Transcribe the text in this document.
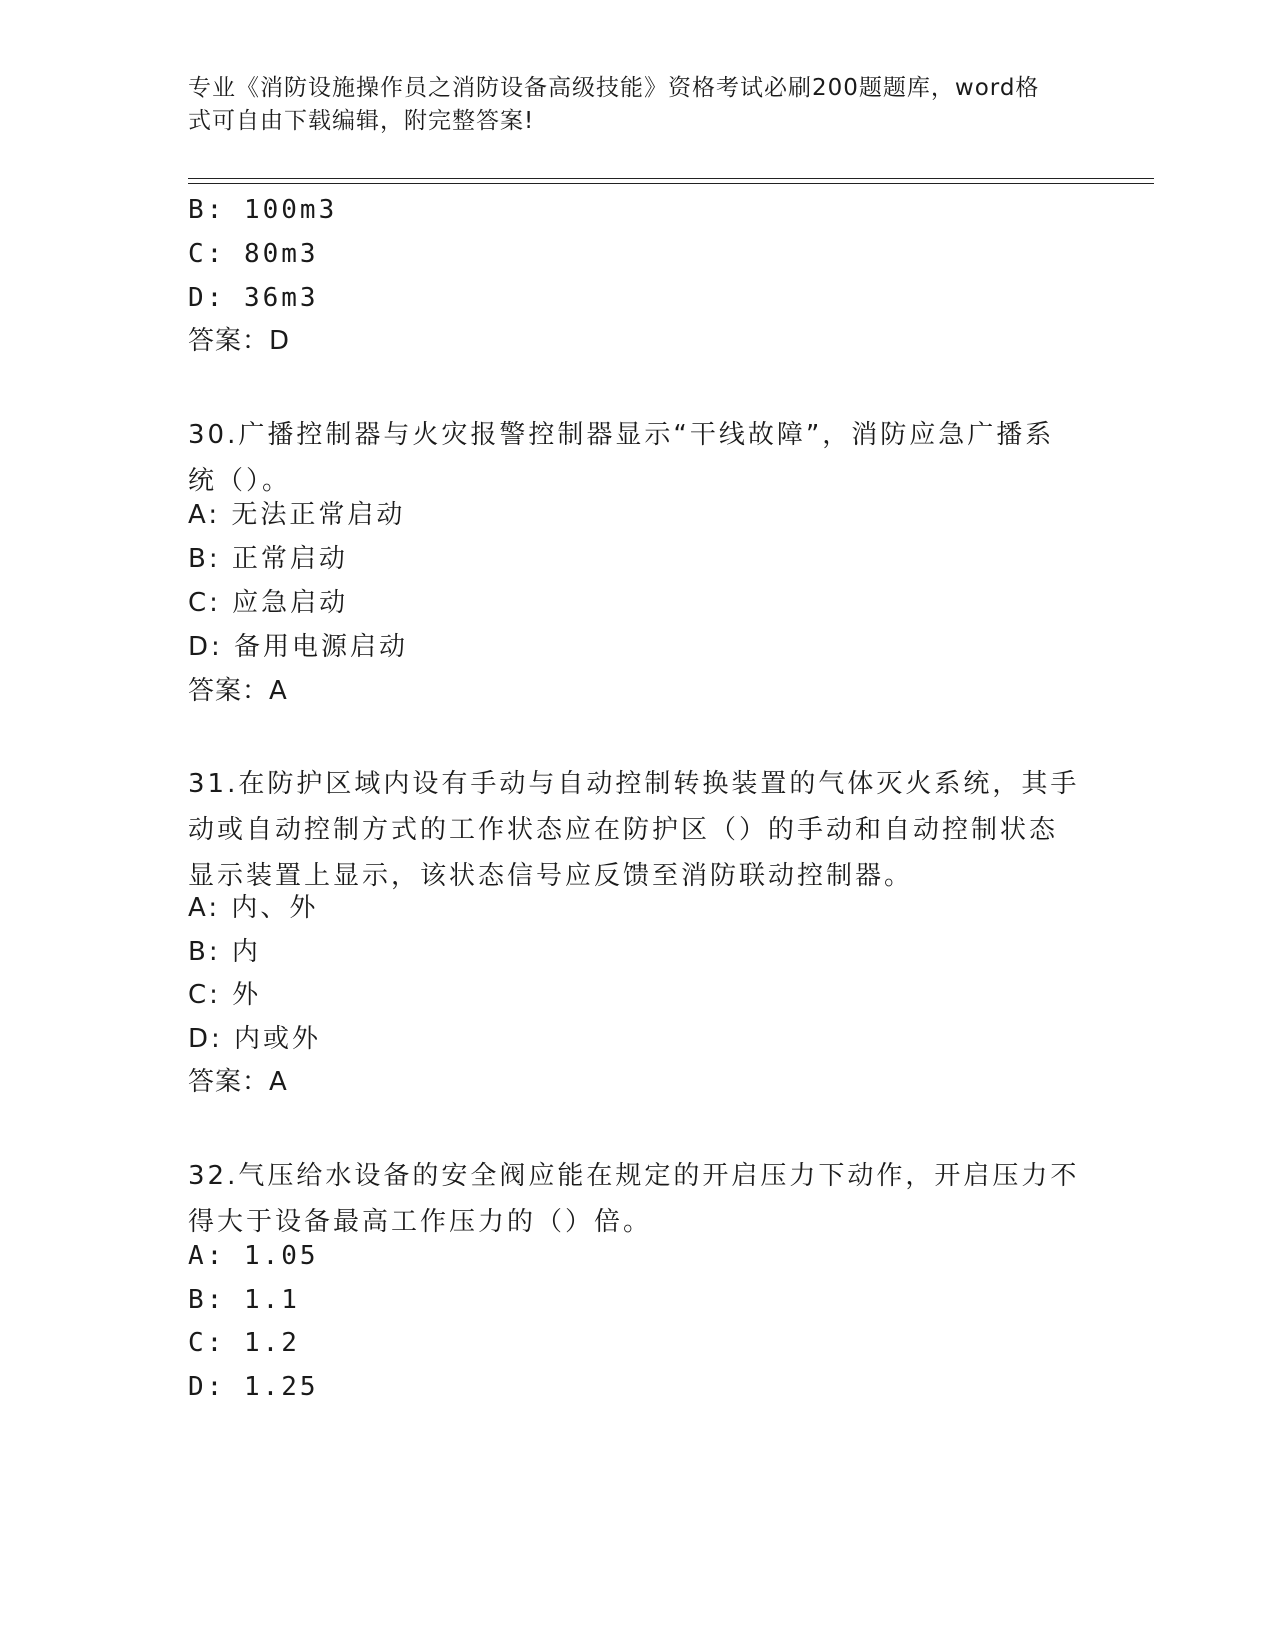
专业《消防设施操作员之消防设备高级技能》资格考试必刷200题题库，word格
式可自由下载编辑，附完整答案!
B: 100m3
C: 80m3
D: 36m3
答案：D
30.广播控制器与火灾报警控制器显示“干线故障”，消防应急广播系
统（）。
A: 无法正常启动
B: 正常启动
C: 应急启动
D: 备用电源启动
答案：A
31.在防护区域内设有手动与自动控制转换装置的气体灭火系统，其手
动或自动控制方式的工作状态应在防护区（）的手动和自动控制状态
显示装置上显示，该状态信号应反馈至消防联动控制器。
A: 内、外
B: 内
C: 外
D: 内或外
答案：A
32.气压给水设备的安全阀应能在规定的开启压力下动作，开启压力不
得大于设备最高工作压力的（）倍。
A: 1.05
B: 1.1
C: 1.2
D: 1.25
